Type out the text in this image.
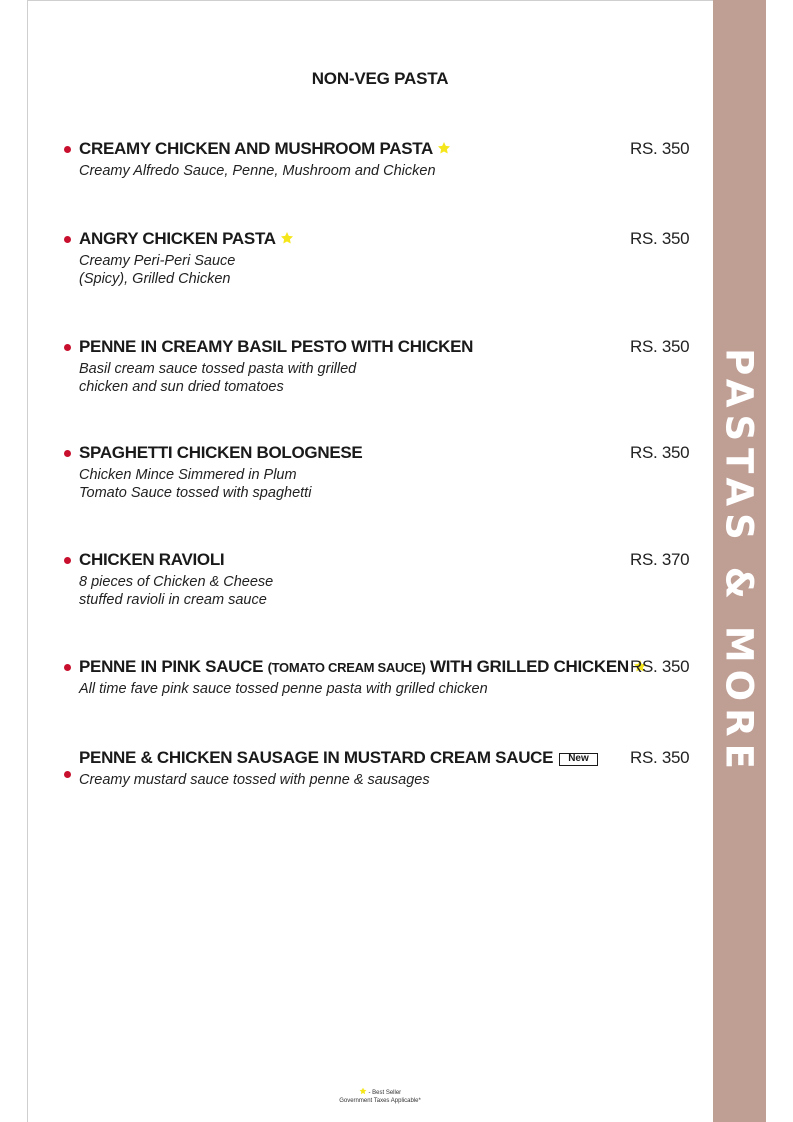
PASTAS & MORE
NON-VEG PASTA
CREAMY CHICKEN AND MUSHROOM PASTA	RS. 350
Creamy Alfredo Sauce, Penne, Mushroom and Chicken
ANGRY CHICKEN PASTA	RS. 350
Creamy Peri-Peri Sauce
(Spicy), Grilled Chicken
PENNE IN CREAMY BASIL PESTO WITH CHICKEN	RS. 350
Basil cream sauce tossed pasta with grilled
chicken and sun dried tomatoes
SPAGHETTI CHICKEN BOLOGNESE	RS. 350
Chicken Mince Simmered in Plum
Tomato Sauce tossed with spaghetti
CHICKEN RAVIOLI	RS. 370
8 pieces of Chicken & Cheese
stuffed ravioli in cream sauce
PENNE IN PINK SAUCE (TOMATO CREAM SAUCE) WITH GRILLED CHICKEN RS. 350
All time fave pink sauce tossed penne pasta with grilled chicken
PENNE & CHICKEN SAUSAGE IN MUSTARD CREAM SAUCE New	RS. 350
Creamy mustard sauce tossed with penne & sausages
- Best Seller
Government Taxes Applicable*
